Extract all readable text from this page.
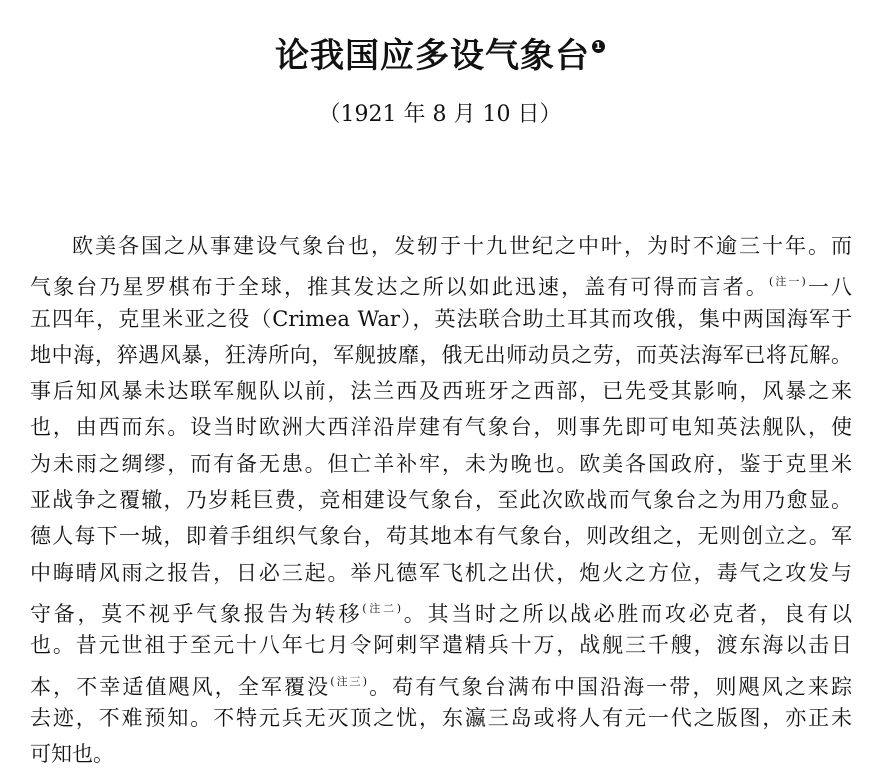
论我国应多设气象台 1
（1921 年 8 月 10 日）
欧美各国之从事建设气象台也，发轫于十九世纪之中叶，为时不逾三十年。而
气象台乃星罗棋布于全球，推其发达之所以如此迅速，盖有可得而言者。$^{(注一)}$一八
五四年，克里米亚之役（Crimea War），英法联合助土耳其而攻俄，集中两国海军于
地中海，猝遇风暴，狂涛所向，军舰披靡，俄无出师动员之劳，而英法海军已将瓦解。
事后知风暴未达联军舰队以前，法兰西及西班牙之西部，已先受其影响，风暴之来
也，由西而东。设当时欧洲大西洋沿岸建有气象台，则事先即可电知英法舰队，使
为未雨之绸缪，而有备无患。但亡羊补牢，未为晚也。欧美各国政府，鉴于克里米
亚战争之覆辙，乃岁耗巨费，竞相建设气象台，至此次欧战而气象台之为用乃愈显。
德人每下一城，即着手组织气象台，苟其地本有气象台，则改组之，无则创立之。军
中晦晴风雨之报告，日必三起。举凡德军飞机之出伏，炮火之方位，毒气之攻发与
守备，莫不视乎气象报告为转移$^{(注二)}$。其当时之所以战必胜而攻必克者，良有以
也。昔元世祖于至元十八年七月令阿剌罕遣精兵十万，战舰三千艘，渡东海以击日
本，不幸适值飓风，全军覆没$^{(注三)}$。苟有气象台满布中国沿海一带，则飓风之来踪
去迹，不难预知。不特元兵无灭顶之忧，东瀛三岛或将人有元一代之版图，亦正未
可知也。
